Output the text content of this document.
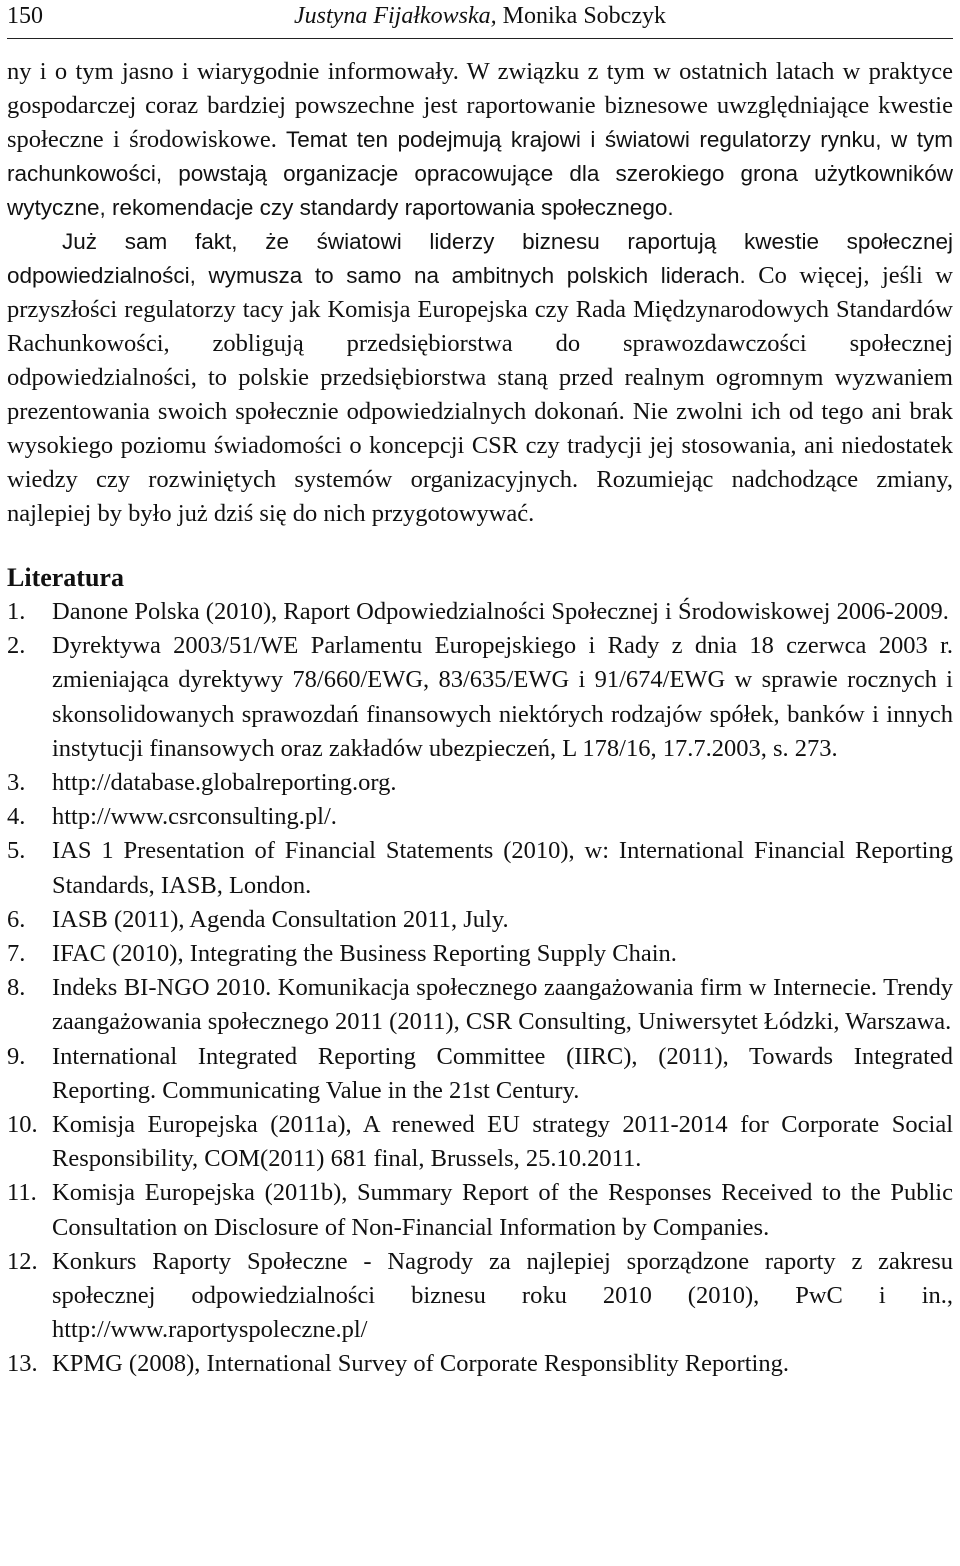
150	Justyna Fijałkowska, Monika Sobczyk

ny i o tym jasno i wiarygodnie informowały. W związku z tym w ostatnich latach w praktyce gospodarczej coraz bardziej powszechne jest raportowanie biznesowe uwzględniające kwestie społeczne i środowiskowe. Temat ten podejmują krajowi i światowi regulatorzy rynku, w tym rachunkowości, powstają organizacje opracowujące dla szerokiego grona użytkowników wytyczne, rekomendacje czy standardy raportowania społecznego.

Już sam fakt, że światowi liderzy biznesu raportują kwestie społecznej odpowiedzialności, wymusza to samo na ambitnych polskich liderach. Co więcej, jeśli w przyszłości regulatorzy tacy jak Komisja Europejska czy Rada Międzynarodowych Standardów Rachunkowości, zobligują przedsiębiorstwa do sprawozdawczości społecznej odpowiedzialności, to polskie przedsiębiorstwa staną przed realnym ogromnym wyzwaniem prezentowania swoich społecznie odpowiedzialnych dokonań. Nie zwolni ich od tego ani brak wysokiego poziomu świadomości o koncepcji CSR czy tradycji jej stosowania, ani niedostatek wiedzy czy rozwiniętych systemów organizacyjnych. Rozumiejąc nadchodzące zmiany, najlepiej by było już dziś się do nich przygotowywać.

Literatura
1. Danone Polska (2010), Raport Odpowiedzialności Społecznej i Środowiskowej 2006-2009.
2. Dyrektywa 2003/51/WE Parlamentu Europejskiego i Rady z dnia 18 czerwca 2003 r. zmieniająca dyrektywy 78/660/EWG, 83/635/EWG i 91/674/EWG w sprawie rocznych i skonsolidowanych sprawozdań finansowych niektórych rodzajów spółek, banków i innych instytucji finansowych oraz zakładów ubezpieczeń, L 178/16, 17.7.2003, s. 273.
3. http://database.globalreporting.org.
4. http://www.csrconsulting.pl/.
5. IAS 1 Presentation of Financial Statements (2010), w: International Financial Reporting Standards, IASB, London.
6. IASB (2011), Agenda Consultation 2011, July.
7. IFAC (2010), Integrating the Business Reporting Supply Chain.
8. Indeks BI-NGO 2010. Komunikacja społecznego zaangażowania firm w Internecie. Trendy zaangażowania społecznego 2011 (2011), CSR Consulting, Uniwersytet Łódzki, Warszawa.
9. International Integrated Reporting Committee (IIRC), (2011), Towards Integrated Reporting. Communicating Value in the 21st Century.
10. Komisja Europejska (2011a), A renewed EU strategy 2011-2014 for Corporate Social Responsibility, COM(2011) 681 final, Brussels, 25.10.2011.
11. Komisja Europejska (2011b), Summary Report of the Responses Received to the Public Consultation on Disclosure of Non-Financial Information by Companies.
12. Konkurs Raporty Społeczne - Nagrody za najlepiej sporządzone raporty z zakresu społecznej odpowiedzialności biznesu roku 2010 (2010), PwC i in., http://www.raportyspoleczne.pl/
13. KPMG (2008), International Survey of Corporate Responsiblity Reporting.
